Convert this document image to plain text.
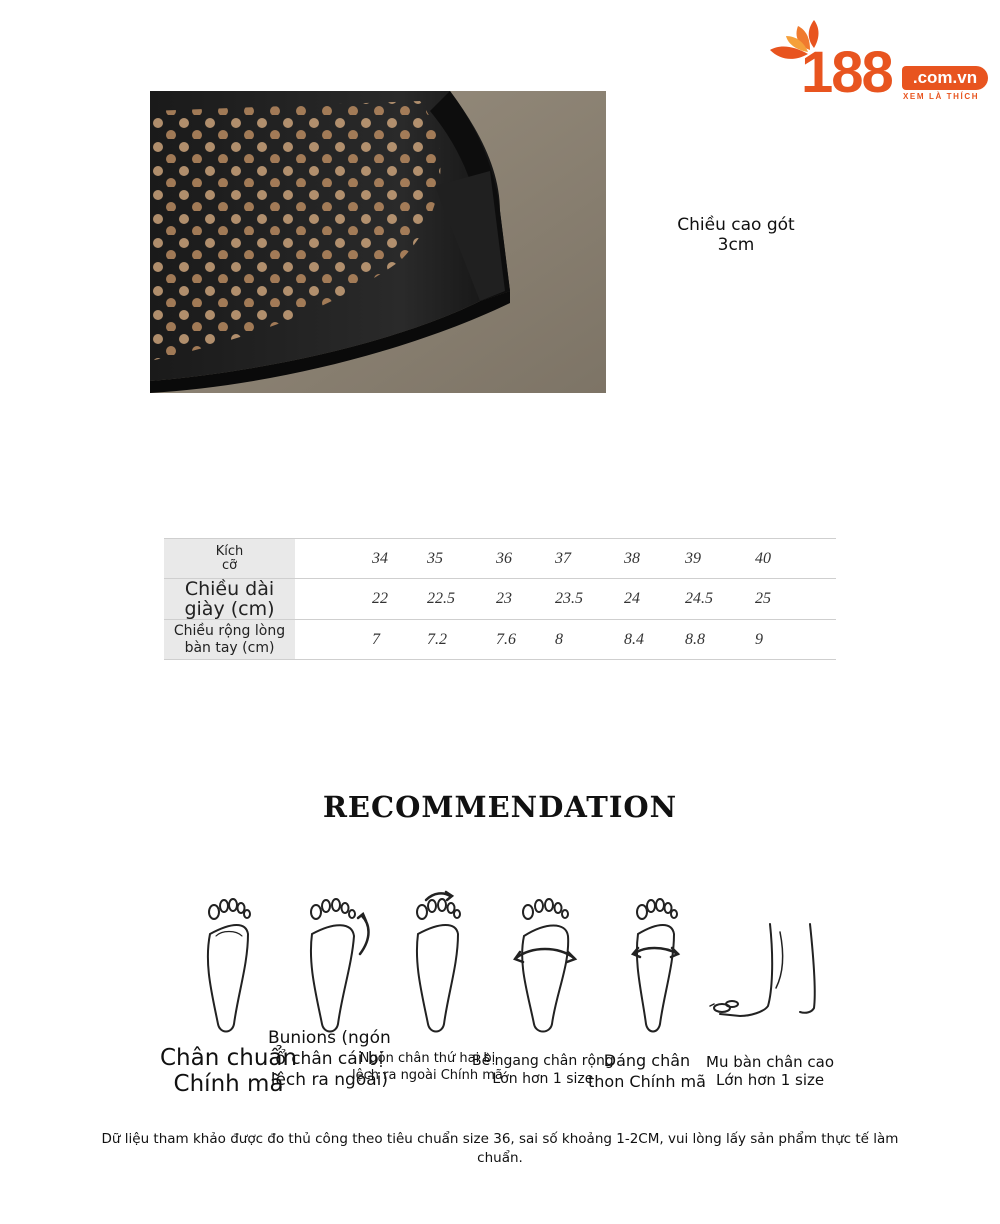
188	.com.vn
XEM LÀ THÍCH
Chiều cao gót
3cm
Kích cỡ		34	35	36	37	38	39	40
Chiều dài giày (cm)		22	22.5	23	23.5	24	24.5	25
Chiều rộng lòng bàn tay (cm)		7	7.2	7.6	8	8.4	8.8	9
RECOMMENDATION
Chân chuẩn
Chính mã
Bunions (ngón
ổ chân cái bị
lệch ra ngoài)
Ngón chân thứ hai bị
lệch ra ngoài Chính mã
Bề ngang chân rộng
Lớn hơn 1 size
Dáng chân
thon Chính mã
Mu bàn chân cao
Lớn hơn 1 size
Dữ liệu tham khảo được đo thủ công theo tiêu chuẩn size 36, sai số khoảng 1-2CM, vui lòng lấy sản phẩm thực tế làm chuẩn.
